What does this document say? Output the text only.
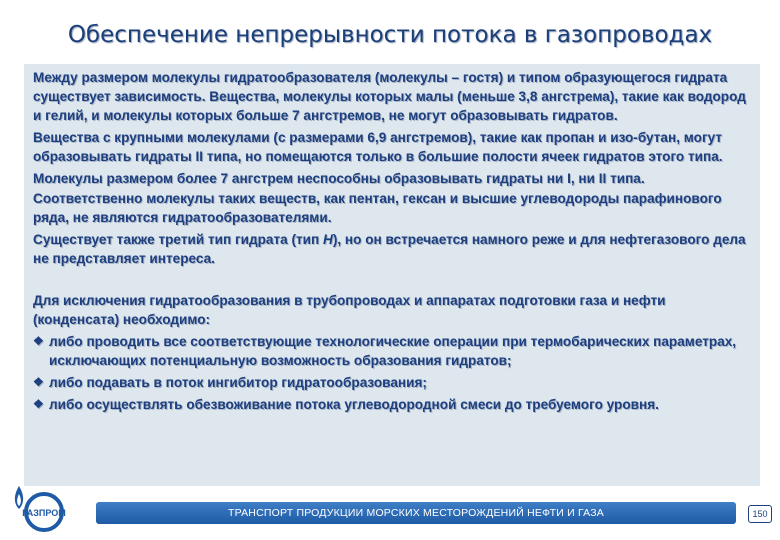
Обеспечение непрерывности потока в газопроводах

Между размером молекулы гидратообразователя (молекулы – гостя) и типом образующегося гидрата существует зависимость. Вещества, молекулы которых малы (меньше 3,8 ангстрема), такие как водород и гелий, и молекулы которых больше 7 ангстремов, не могут образовывать гидратов.

Вещества с крупными молекулами (с размерами 6,9 ангстремов), такие как пропан и изо-бутан, могут образовывать гидраты II типа, но помещаются только в большие полости ячеек гидратов этого типа.

Молекулы размером более 7 ангстрем неспособны образовывать гидраты ни I, ни II типа. Соответственно молекулы таких веществ, как пентан, гексан и высшие углеводороды парафинового ряда, не являются гидратообразователями.

Существует также третий тип гидрата (тип H), но он встречается намного реже и для нефтегазового дела не представляет интереса.

Для исключения гидратообразования в трубопроводах и аппаратах подготовки газа и нефти (конденсата) необходимо:

❖ либо проводить все соответствующие технологические операции при термобарических параметрах, исключающих потенциальную возможность образования гидратов;

❖ либо подавать в поток ингибитор гидратообразования;

❖ либо осуществлять обезвоживание потока углеводородной смеси до требуемого уровня.

ГАЗПРОМ	ТРАНСПОРТ ПРОДУКЦИИ МОРСКИХ МЕСТОРОЖДЕНИЙ НЕФТИ И ГАЗА	150
